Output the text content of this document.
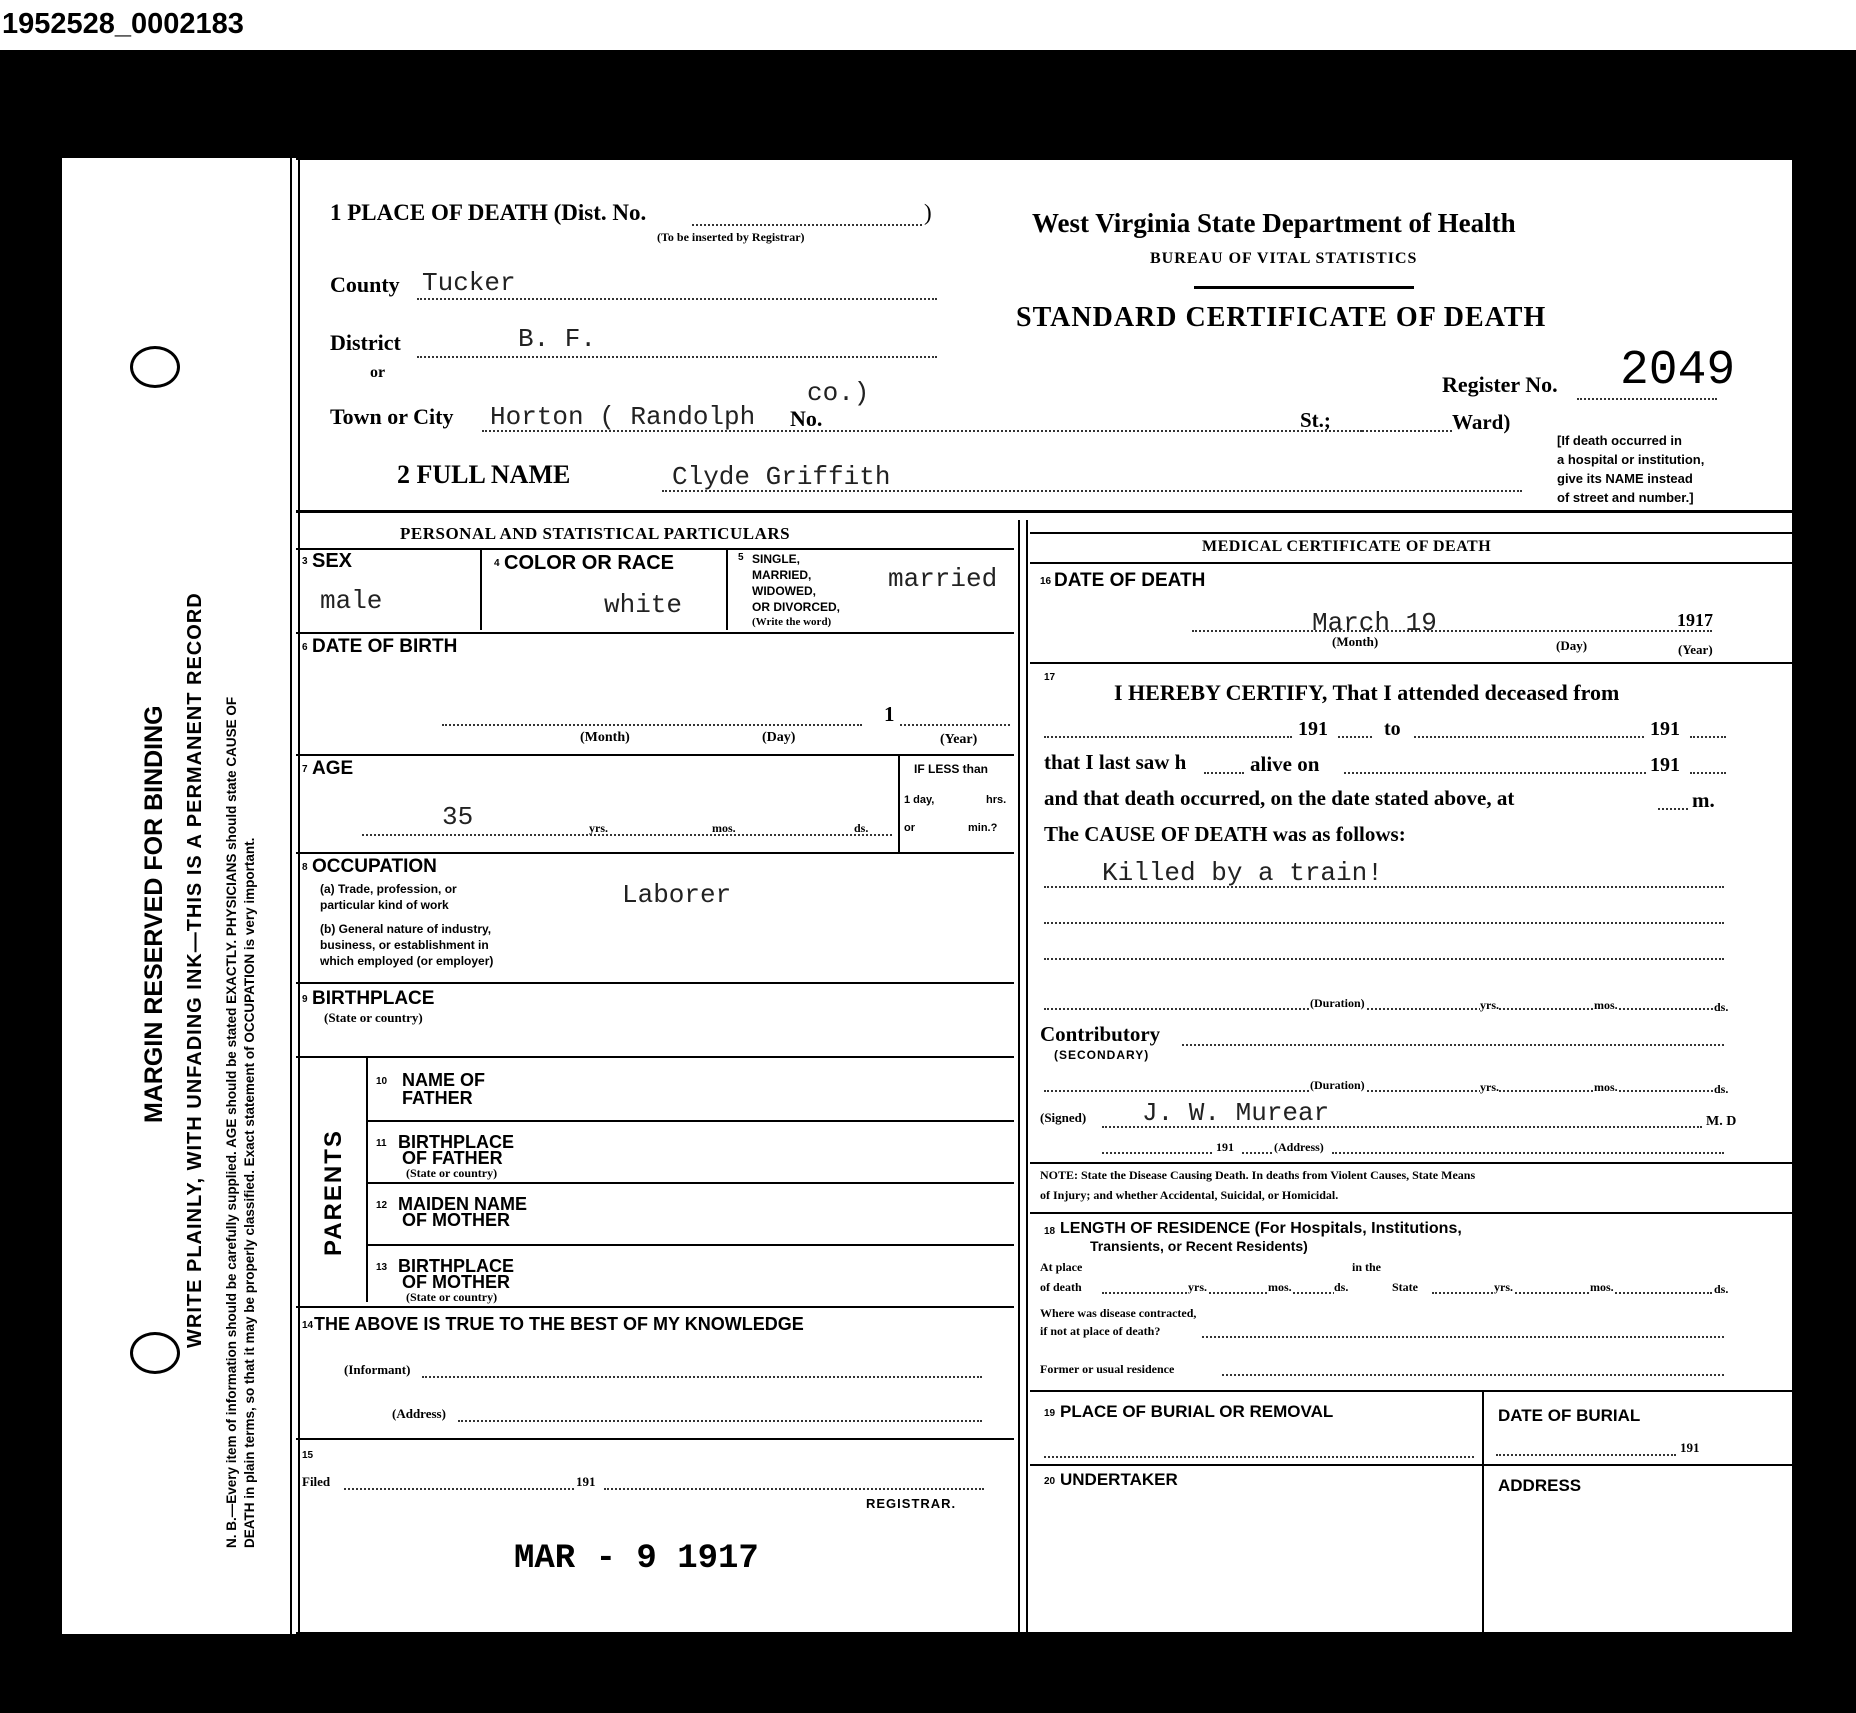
1952528_0002183
MARGIN RESERVED FOR BINDING WRITE PLAINLY, WITH UNFADING INK—THIS IS A PERMANENT RECORD N. B.—Every item of information should be carefully supplied. AGE should be stated EXACTLY. PHYSICIANS should state CAUSE OF DEATH in plain terms, so that it may be properly classified. Exact statement of OCCUPATION is very important.
1 PLACE OF DEATH (Dist. No.	)
(To be inserted by Registrar)
County Tucker
District	B. F.
or
co.)
Town or City Horton ( Randolph No.	St.;	Ward)
[If death occurred in
a hospital or institution,
give its NAME instead
of street and number.]
2 FULL NAME	Clyde Griffith
West Virginia State Department of Health
BUREAU OF VITAL STATISTICS
STANDARD CERTIFICATE OF DEATH
Register No. 2049
PERSONAL AND STATISTICAL PARTICULARS
3 SEX
male
4 COLOR OR RACE
white
5 SINGLE,
MARRIED,
WIDOWED,
OR DIVORCED,
(Write the word)
married
6 DATE OF BIRTH
1
(Month)	(Day)	(Year)
7 AGE
35	yrs.	mos.	ds.
IF LESS than
1 day,	hrs.
or	min.?
8 OCCUPATION
(a) Trade, profession, or
particular kind of work	Laborer
(b) General nature of industry,
business, or establishment in
which employed (or employer)
9 BIRTHPLACE
(State or country)
PARENTS
10 NAME OF
FATHER
11 BIRTHPLACE
OF FATHER
(State or country)
12 MAIDEN NAME
OF MOTHER
13 BIRTHPLACE
OF MOTHER
(State or country)
14 THE ABOVE IS TRUE TO THE BEST OF MY KNOWLEDGE
(Informant)
(Address)
15
Filed	191
REGISTRAR.
MAR - 9 1917
MEDICAL CERTIFICATE OF DEATH
16 DATE OF DEATH
March 19	1917
(Month)	(Day)	(Year)
17
I HEREBY CERTIFY, That I attended deceased from
191	to	191
that I last saw h	alive on	191
and that death occurred, on the date stated above, at	m.
The CAUSE OF DEATH was as follows:
Killed by a train!
(Duration)	yrs.	mos.	ds.
Contributory
(SECONDARY)
(Duration)	yrs.	mos.	ds.
(Signed) J. W. Murear	M. D
191	(Address)
NOTE: State the Disease Causing Death. In deaths from Violent Causes, State Means
of Injury; and whether Accidental, Suicidal, or Homicidal.
18 LENGTH OF RESIDENCE (For Hospitals, Institutions,
Transients, or Recent Residents)
At place
of death	yrs.	mos.	ds.
in the
State	yrs.	mos.	ds.
Where was disease contracted,
if not at place of death?
Former or usual residence
19 PLACE OF BURIAL OR REMOVAL	DATE OF BURIAL
191
20 UNDERTAKER	ADDRESS
